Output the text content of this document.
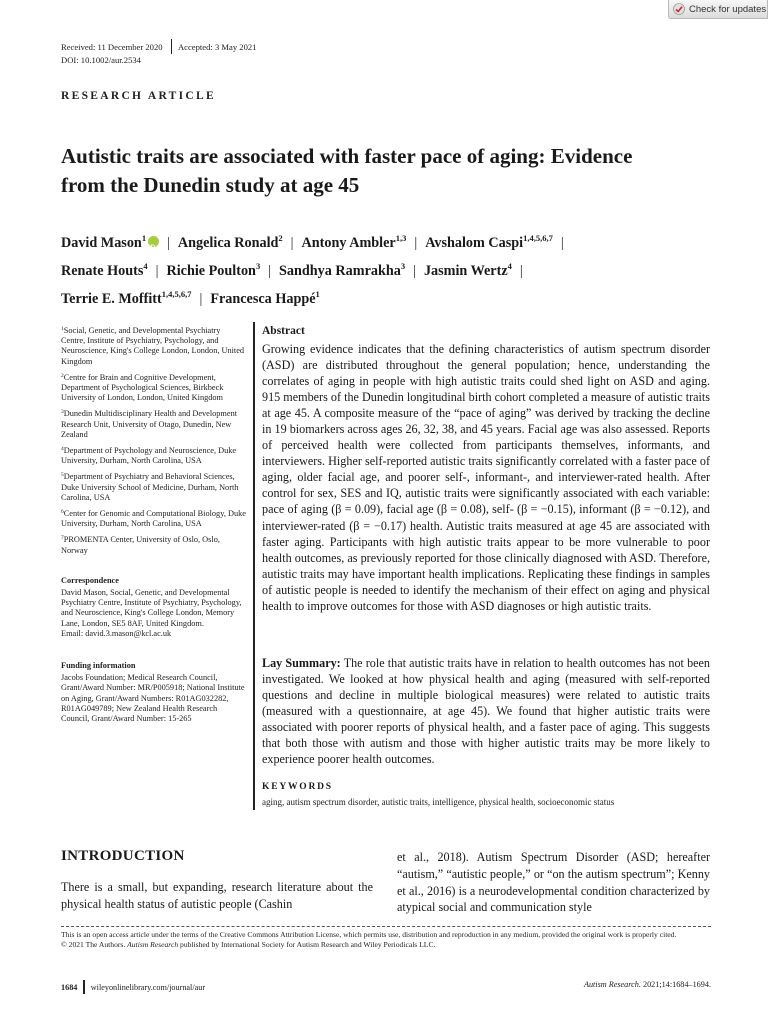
Check for updates
Received: 11 December 2020 Accepted: 3 May 2021
DOI: 10.1002/aur.2534
RESEARCH ARTICLE
Autistic traits are associated with faster pace of aging: Evidence
from the Dunedin study at age 45
David Mason$^1$iD | Angelica Ronald$^2$ | Antony Ambler$^{1,3}$ | Avshalom Caspi$^{1,4,5,6,7}$ |
Renate Houts$^4$ | Richie Poulton$^3$ | Sandhya Ramrakha$^3$ | Jasmin Wertz$^4$ |
Terrie E. Moffitt$^{1,4,5,6,7}$ | Francesca Happé$^1$
$^1$Social, Genetic, and Developmental Psychiatry Centre, Institute of Psychiatry, Psychology, and Neuroscience, King's College London, London, United Kingdom
$^2$Centre for Brain and Cognitive Development, Department of Psychological Sciences, Birkbeck University of London, London, United Kingdom
$^3$Dunedin Multidisciplinary Health and Development Research Unit, University of Otago, Dunedin, New Zealand
$^4$Department of Psychology and Neuroscience, Duke University, Durham, North Carolina, USA
$^5$Department of Psychiatry and Behavioral Sciences, Duke University School of Medicine, Durham, North Carolina, USA
$^6$Center for Genomic and Computational Biology, Duke University, Durham, North Carolina, USA
$^7$PROMENTA Center, University of Oslo, Oslo, Norway
Correspondence
David Mason, Social, Genetic, and Developmental Psychiatry Centre, Institute of Psychiatry, Psychology, and Neuroscience, King's College London, Memory Lane, London, SE5 8AF, United Kingdom.
Email: david.3.mason@kcl.ac.uk
Funding information
Jacobs Foundation; Medical Research Council, Grant/Award Number: MR/P005918; National Institute on Aging, Grant/Award Numbers: R01AG032282, R01AG049789; New Zealand Health Research Council, Grant/Award Number: 15-265
Abstract
Growing evidence indicates that the defining characteristics of autism spectrum disorder (ASD) are distributed throughout the general population; hence, understanding the correlates of aging in people with high autistic traits could shed light on ASD and aging. 915 members of the Dunedin longitudinal birth cohort completed a measure of autistic traits at age 45. A composite measure of the “pace of aging” was derived by tracking the decline in 19 biomarkers across ages 26, 32, 38, and 45 years. Facial age was also assessed. Reports of perceived health were collected from participants themselves, informants, and interviewers. Higher self-reported autistic traits significantly correlated with a faster pace of aging, older facial age, and poorer self-, informant-, and interviewer-rated health. After control for sex, SES and IQ, autistic traits were significantly associated with each variable: pace of aging (β = 0.09), facial age (β = 0.08), self- (β = −0.15), informant (β = −0.12), and interviewer-rated (β = −0.17) health. Autistic traits measured at age 45 are associated with faster aging. Participants with high autistic traits appear to be more vulnerable to poor health outcomes, as previously reported for those clinically diagnosed with ASD. Therefore, autistic traits may have important health implications. Replicating these findings in samples of autistic people is needed to identify the mechanism of their effect on aging and physical health to improve outcomes for those with ASD diagnoses or high autistic traits.
Lay Summary: The role that autistic traits have in relation to health outcomes has not been investigated. We looked at how physical health and aging (measured with self-reported questions and decline in multiple biological measures) were related to autistic traits (measured with a questionnaire, at age 45). We found that higher autistic traits were associated with poorer reports of physical health, and a faster pace of aging. This suggests that both those with autism and those with higher autistic traits may be more likely to experience poorer health outcomes.
KEYWORDS
aging, autism spectrum disorder, autistic traits, intelligence, physical health, socioeconomic status
INTRODUCTION
There is a small, but expanding, research literature about the physical health status of autistic people (Cashin
et al., 2018). Autism Spectrum Disorder (ASD; hereafter “autism,” “autistic people,” or “on the autism spectrum”; Kenny et al., 2016) is a neurodevelopmental condition characterized by atypical social and communication style
This is an open access article under the terms of the Creative Commons Attribution License, which permits use, distribution and reproduction in any medium, provided the original work is properly cited.
© 2021 The Authors. Autism Research published by International Society for Autism Research and Wiley Periodicals LLC.
1684 wileyonlinelibrary.com/journal/aur	Autism Research. 2021;14:1684–1694.
